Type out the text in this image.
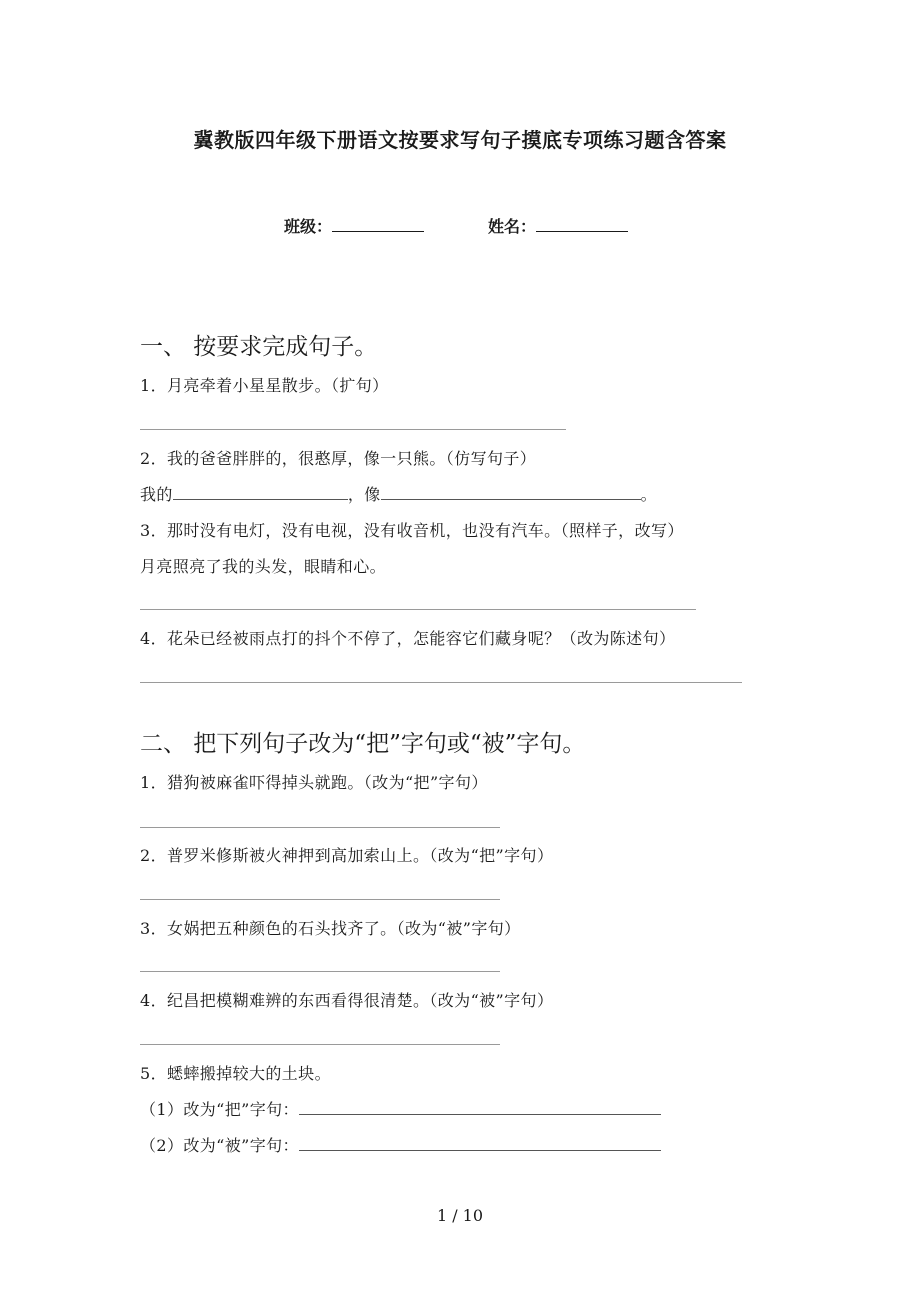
冀教版四年级下册语文按要求写句子摸底专项练习题含答案
班级：	姓名：
一、 按要求完成句子。
1．月亮牵着小星星散步。（扩句）
2．我的爸爸胖胖的，很憨厚，像一只熊。（仿写句子）
我的	，像	。
3．那时没有电灯，没有电视，没有收音机，也没有汽车。（照样子，改写）
月亮照亮了我的头发，眼睛和心。
4．花朵已经被雨点打的抖个不停了，怎能容它们藏身呢？（改为陈述句）
二、 把下列句子改为“把”字句或“被”字句。
1．猎狗被麻雀吓得掉头就跑。（改为“把”字句）
2．普罗米修斯被火神押到高加索山上。（改为“把”字句）
3．女娲把五种颜色的石头找齐了。（改为“被”字句）
4．纪昌把模糊难辨的东西看得很清楚。（改为“被”字句）
5．蟋蟀搬掉较大的土块。
（1）改为“把”字句：
（2）改为“被”字句：
1 / 10
